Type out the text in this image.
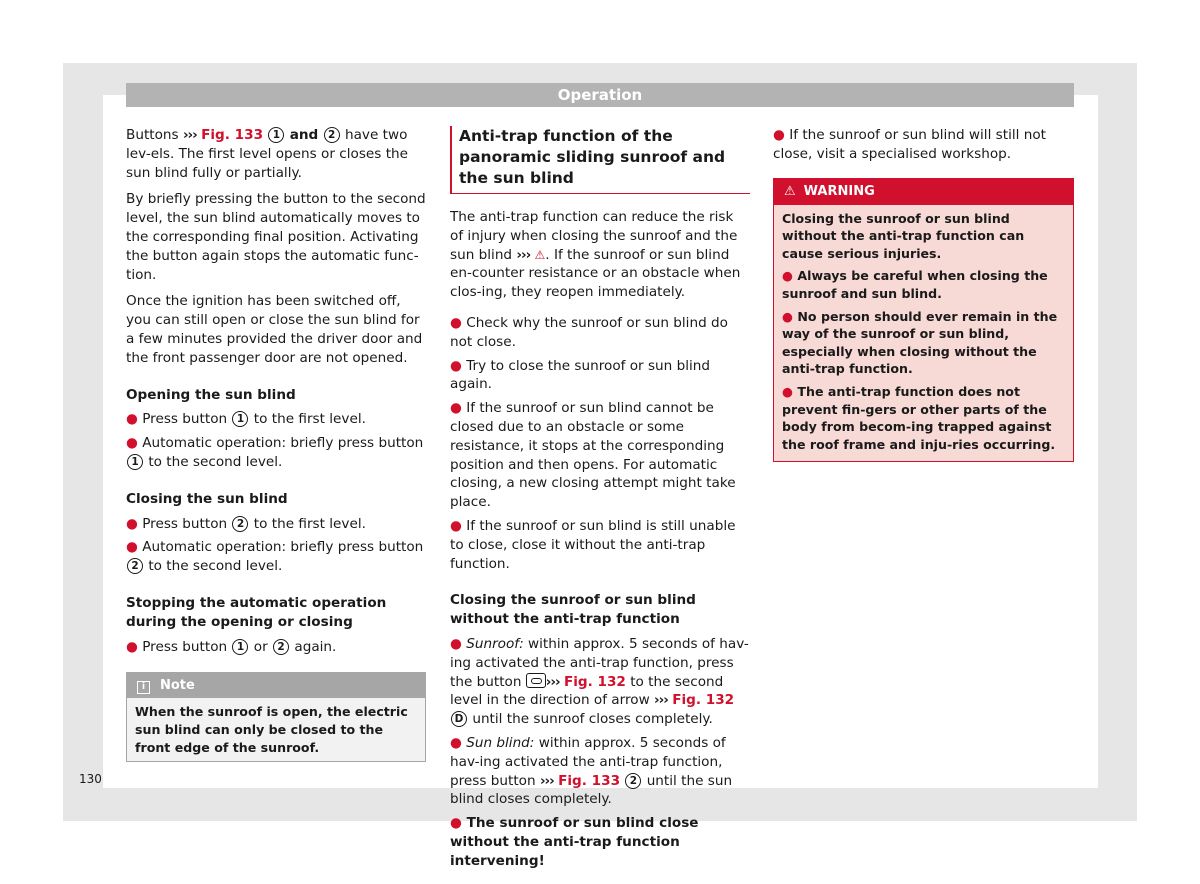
Operation

Buttons ››› Fig. 133 1 and 2 have two lev-els. The first level opens or closes the sun blind fully or partially.

By briefly pressing the button to the second level, the sun blind automatically moves to the corresponding final position. Activating the button again stops the automatic func-tion.

Once the ignition has been switched off, you can still open or close the sun blind for a few minutes provided the driver door and the front passenger door are not opened.

Opening the sun blind

● Press button 1 to the first level.

● Automatic operation: briefly press button 1 to the second level.

Closing the sun blind

● Press button 2 to the first level.

● Automatic operation: briefly press button 2 to the second level.

Stopping the automatic operation during the opening or closing

● Press button 1 or 2 again.

i Note
When the sunroof is open, the electric sun blind can only be closed to the front edge of the sunroof.
Anti-trap function of the panoramic sliding sunroof and the sun blind

The anti-trap function can reduce the risk of injury when closing the sunroof and the sun blind ››› ⚠. If the sunroof or sun blind en-counter resistance or an obstacle when clos-ing, they reopen immediately.

● Check why the sunroof or sun blind do not close.

● Try to close the sunroof or sun blind again.

● If the sunroof or sun blind cannot be closed due to an obstacle or some resistance, it stops at the corresponding position and then opens. For automatic closing, a new closing attempt might take place.

● If the sunroof or sun blind is still unable to close, close it without the anti-trap function.

Closing the sunroof or sun blind without the anti-trap function

● Sunroof: within approx. 5 seconds of hav-ing activated the anti-trap function, press the button ››› Fig. 132 to the second level in the direction of arrow ››› Fig. 132 D until the sunroof closes completely.

● Sun blind: within approx. 5 seconds of hav-ing activated the anti-trap function, press button ››› Fig. 133 2 until the sun blind closes completely.

● The sunroof or sun blind close without the anti-trap function intervening!

● If the sunroof or sun blind will still not close, visit a specialised workshop.

⚠ WARNING

Closing the sunroof or sun blind without the anti-trap function can cause serious injuries.

● Always be careful when closing the sunroof and sun blind.

● No person should ever remain in the way of the sunroof or sun blind, especially when closing without the anti-trap function.

● The anti-trap function does not prevent fin-gers or other parts of the body from becom-ing trapped against the roof frame and inju-ries occurring.

130
